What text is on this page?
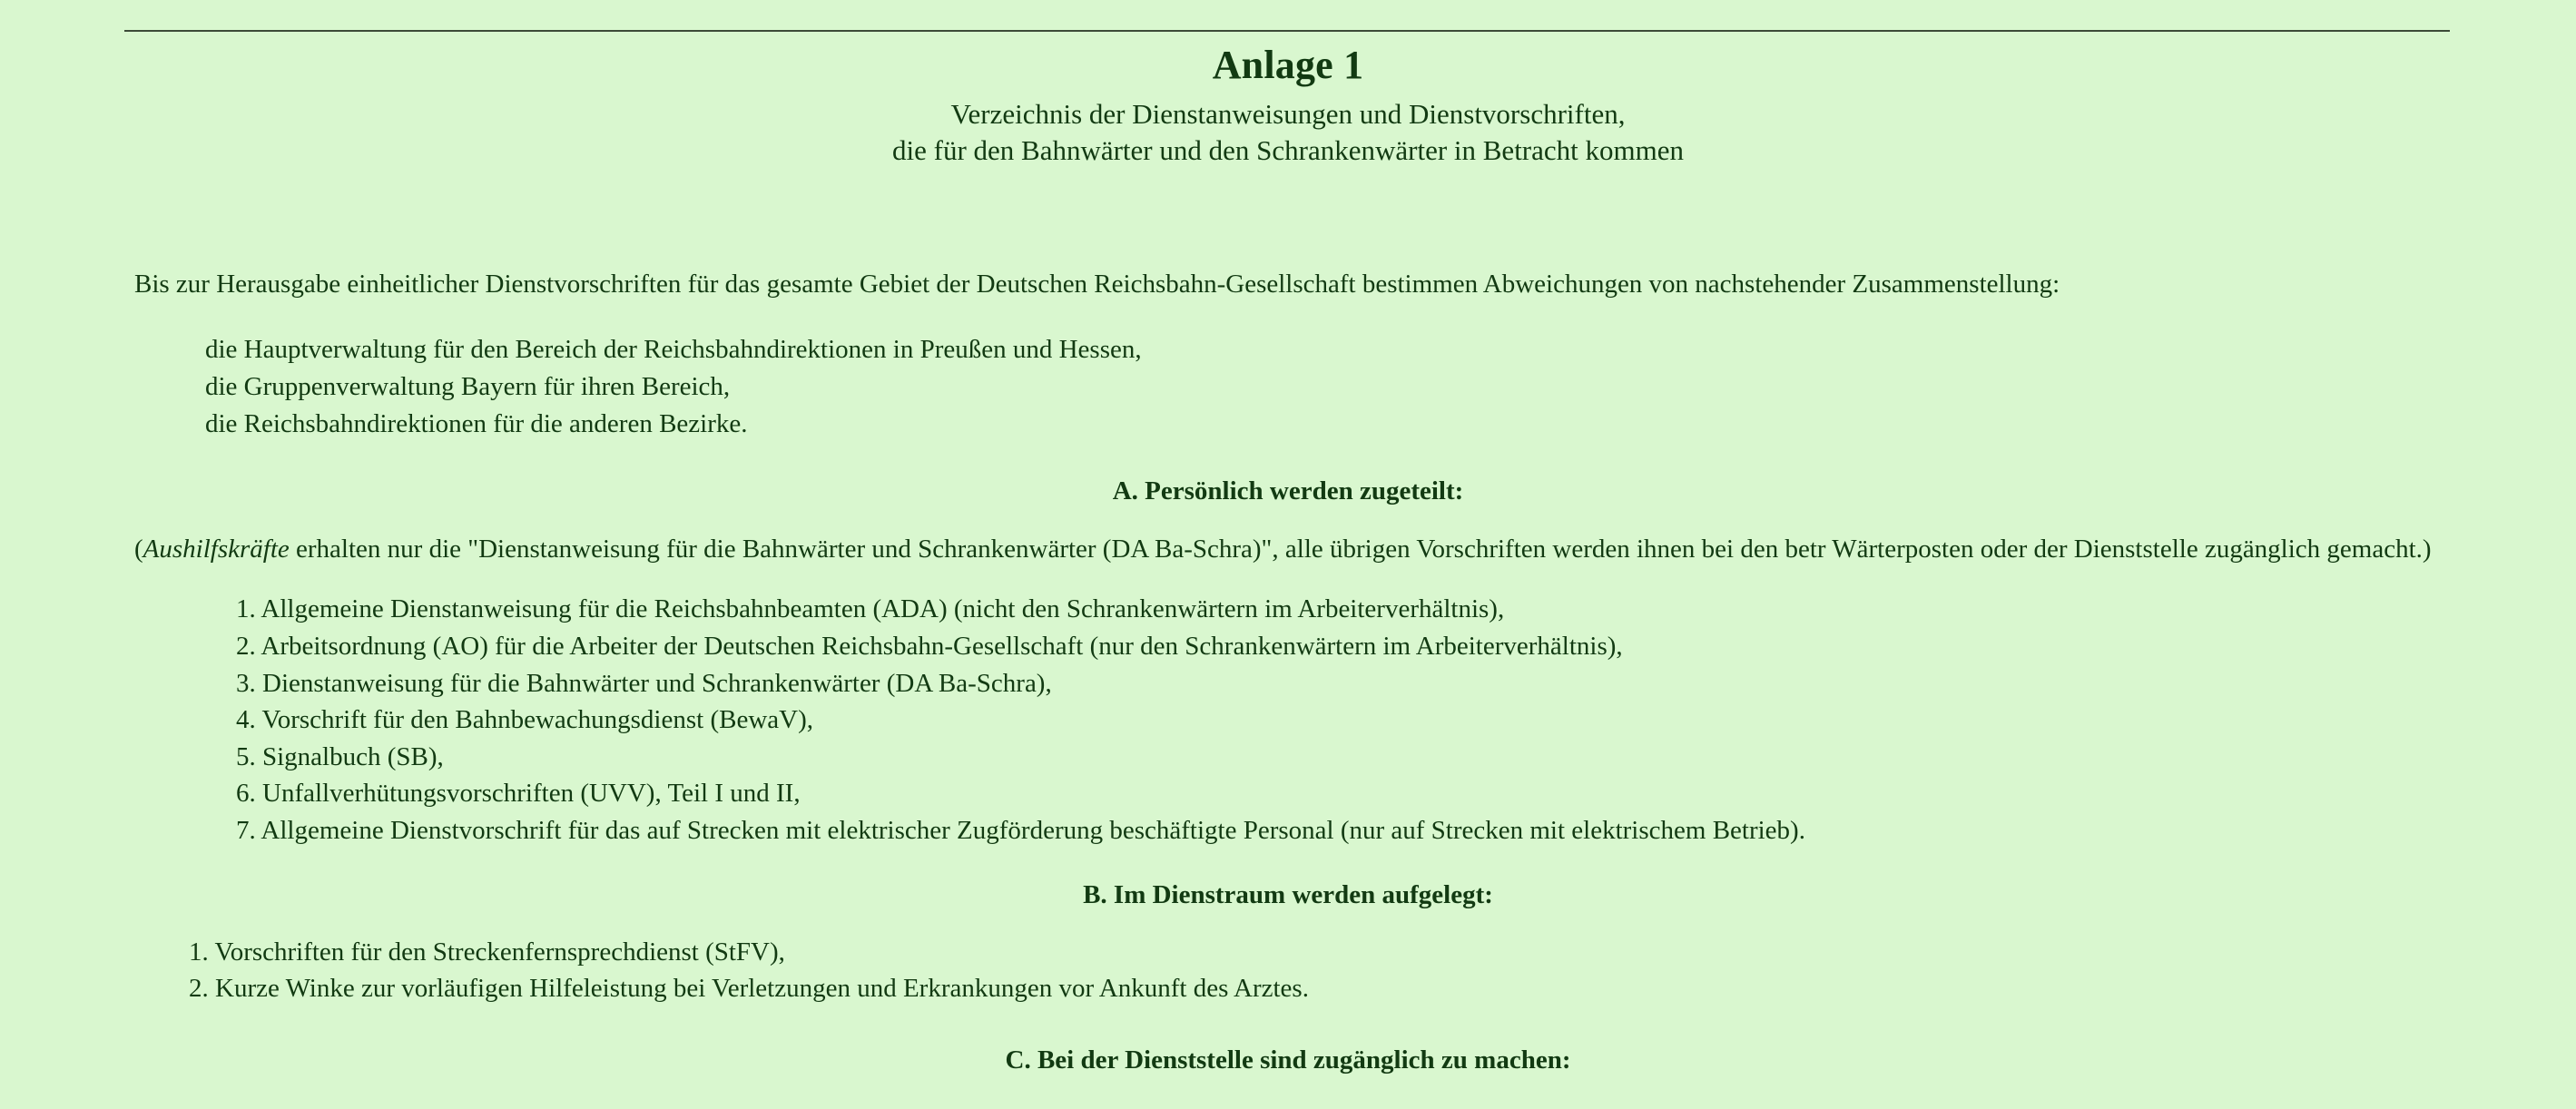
Anlage 1
Verzeichnis der Dienstanweisungen und Dienstvorschriften,
die für den Bahnwärter und den Schrankenwärter in Betracht kommen

Bis zur Herausgabe einheitlicher Dienstvorschriften für das gesamte Gebiet der Deutschen Reichsbahn-Gesellschaft bestimmen Abweichungen von nachstehender Zusammenstellung:

die Hauptverwaltung für den Bereich der Reichsbahndirektionen in Preußen und Hessen,
die Gruppenverwaltung Bayern für ihren Bereich,
die Reichsbahndirektionen für die anderen Bezirke.
A. Persönlich werden zugeteilt:

(Aushilfskräfte erhalten nur die "Dienstanweisung für die Bahnwärter und Schrankenwärter (DA Ba-Schra)", alle übrigen Vorschriften werden ihnen bei den betr Wärterposten oder der Dienststelle zugänglich gemacht.)

Allgemeine Dienstanweisung für die Reichsbahnbeamten (ADA) (nicht den Schrankenwärtern im Arbeiterverhältnis),
Arbeitsordnung (AO) für die Arbeiter der Deutschen Reichsbahn-Gesellschaft (nur den Schrankenwärtern im Arbeiterverhältnis),
Dienstanweisung für die Bahnwärter und Schrankenwärter (DA Ba-Schra),
Vorschrift für den Bahnbewachungsdienst (BewaV),
Signalbuch (SB),
Unfallverhütungsvorschriften (UVV), Teil I und II,
Allgemeine Dienstvorschrift für das auf Strecken mit elektrischer Zugförderung beschäftigte Personal (nur auf Strecken mit elektrischem Betrieb).
B. Im Dienstraum werden aufgelegt:
Vorschriften für den Streckenfernsprechdienst (StFV),
Kurze Winke zur vorläufigen Hilfeleistung bei Verletzungen und Erkrankungen vor Ankunft des Arztes.
C. Bei der Dienststelle sind zugänglich zu machen:
